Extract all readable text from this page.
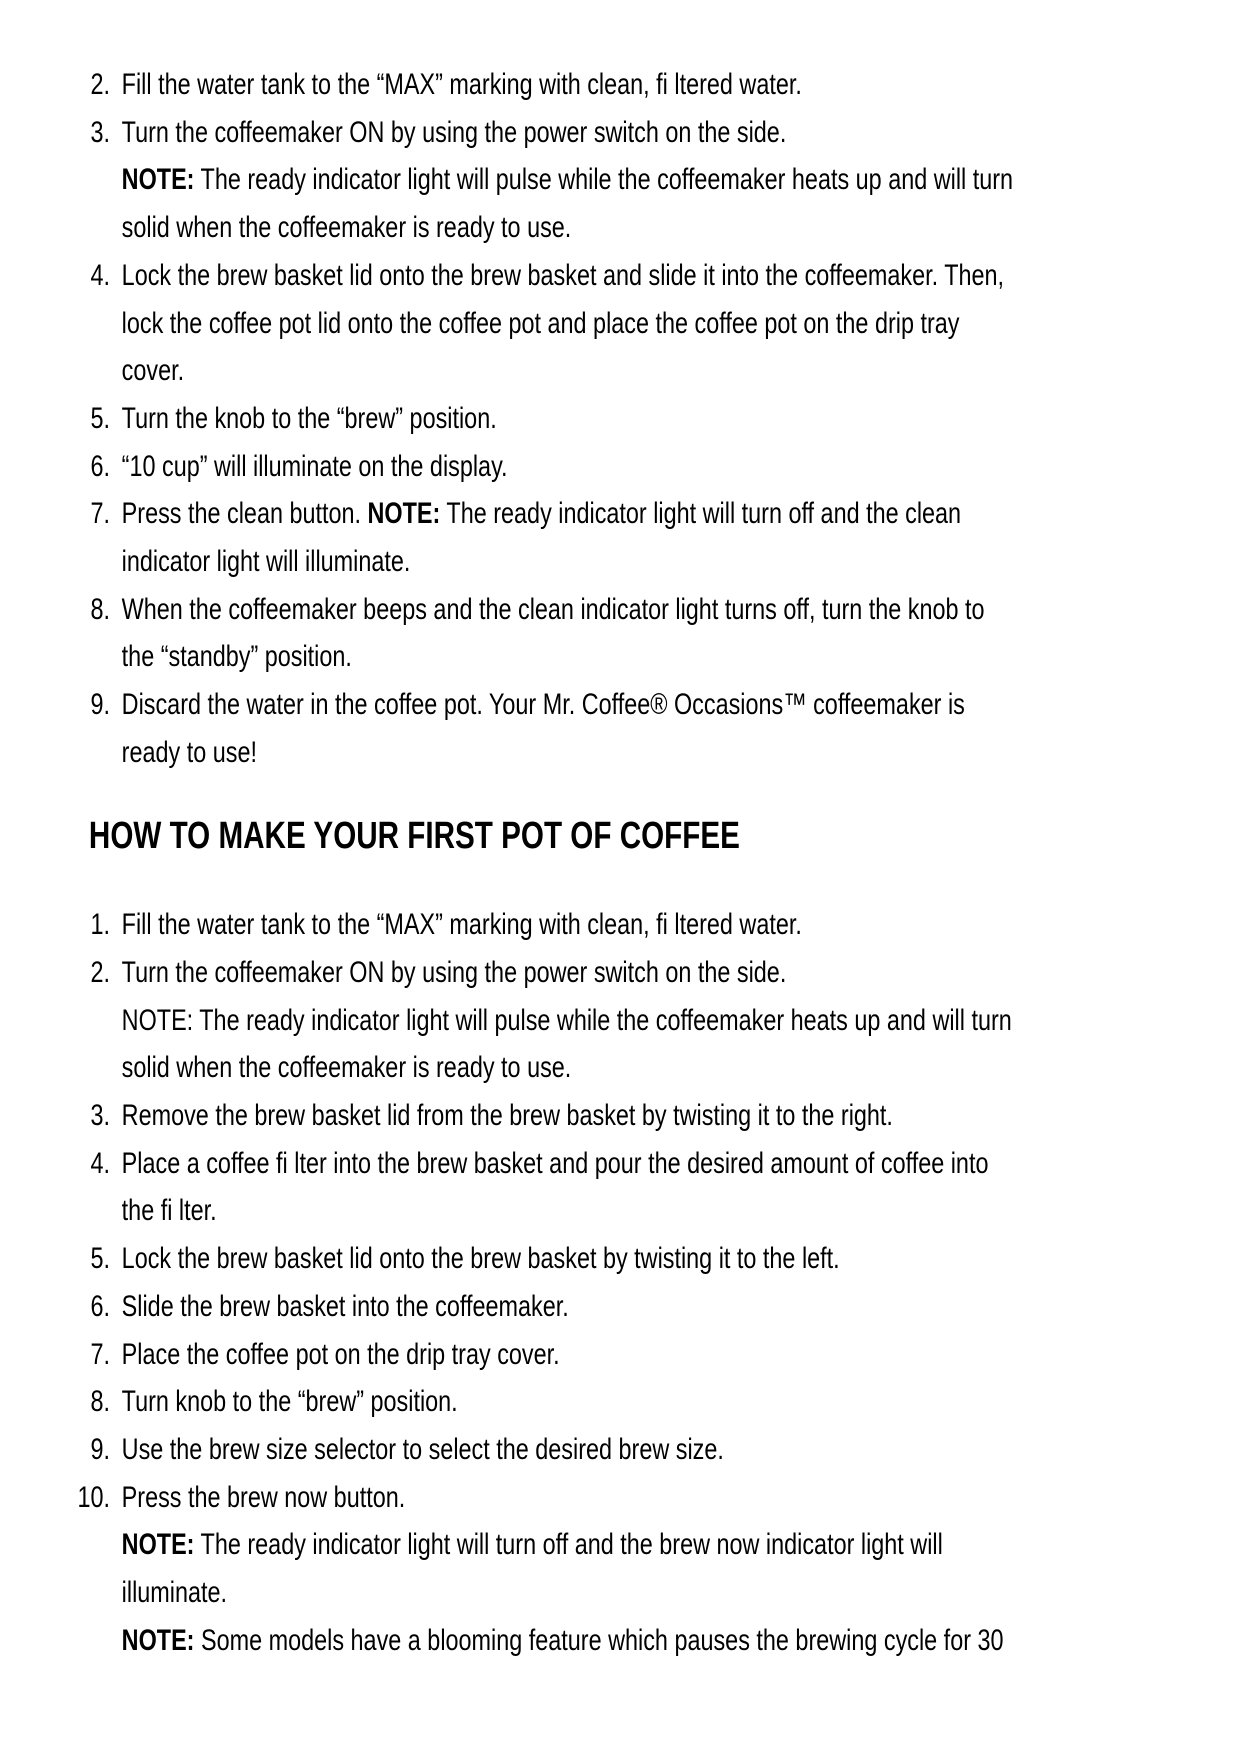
2. Fill the water tank to the “MAX” marking with clean, fi ltered water.
3. Turn the coffeemaker ON by using the power switch on the side.
NOTE: The ready indicator light will pulse while the coffeemaker heats up and will turn
solid when the coffeemaker is ready to use.
4. Lock the brew basket lid onto the brew basket and slide it into the coffeemaker. Then,
lock the coffee pot lid onto the coffee pot and place the coffee pot on the drip tray
cover.
5. Turn the knob to the “brew” position.
6. “10 cup” will illuminate on the display.
7. Press the clean button. NOTE: The ready indicator light will turn off and the clean
indicator light will illuminate.
8. When the coffeemaker beeps and the clean indicator light turns off, turn the knob to
the “standby” position.
9. Discard the water in the coffee pot. Your Mr. Coffee® Occasions™ coffeemaker is
ready to use!
HOW TO MAKE YOUR FIRST POT OF COFFEE
1. Fill the water tank to the “MAX” marking with clean, fi ltered water.
2. Turn the coffeemaker ON by using the power switch on the side.
NOTE: The ready indicator light will pulse while the coffeemaker heats up and will turn
solid when the coffeemaker is ready to use.
3. Remove the brew basket lid from the brew basket by twisting it to the right.
4. Place a coffee fi lter into the brew basket and pour the desired amount of coffee into
the fi lter.
5. Lock the brew basket lid onto the brew basket by twisting it to the left.
6. Slide the brew basket into the coffeemaker.
7. Place the coffee pot on the drip tray cover.
8. Turn knob to the “brew” position.
9. Use the brew size selector to select the desired brew size.
10. Press the brew now button.
NOTE: The ready indicator light will turn off and the brew now indicator light will
illuminate.
NOTE: Some models have a blooming feature which pauses the brewing cycle for 30
